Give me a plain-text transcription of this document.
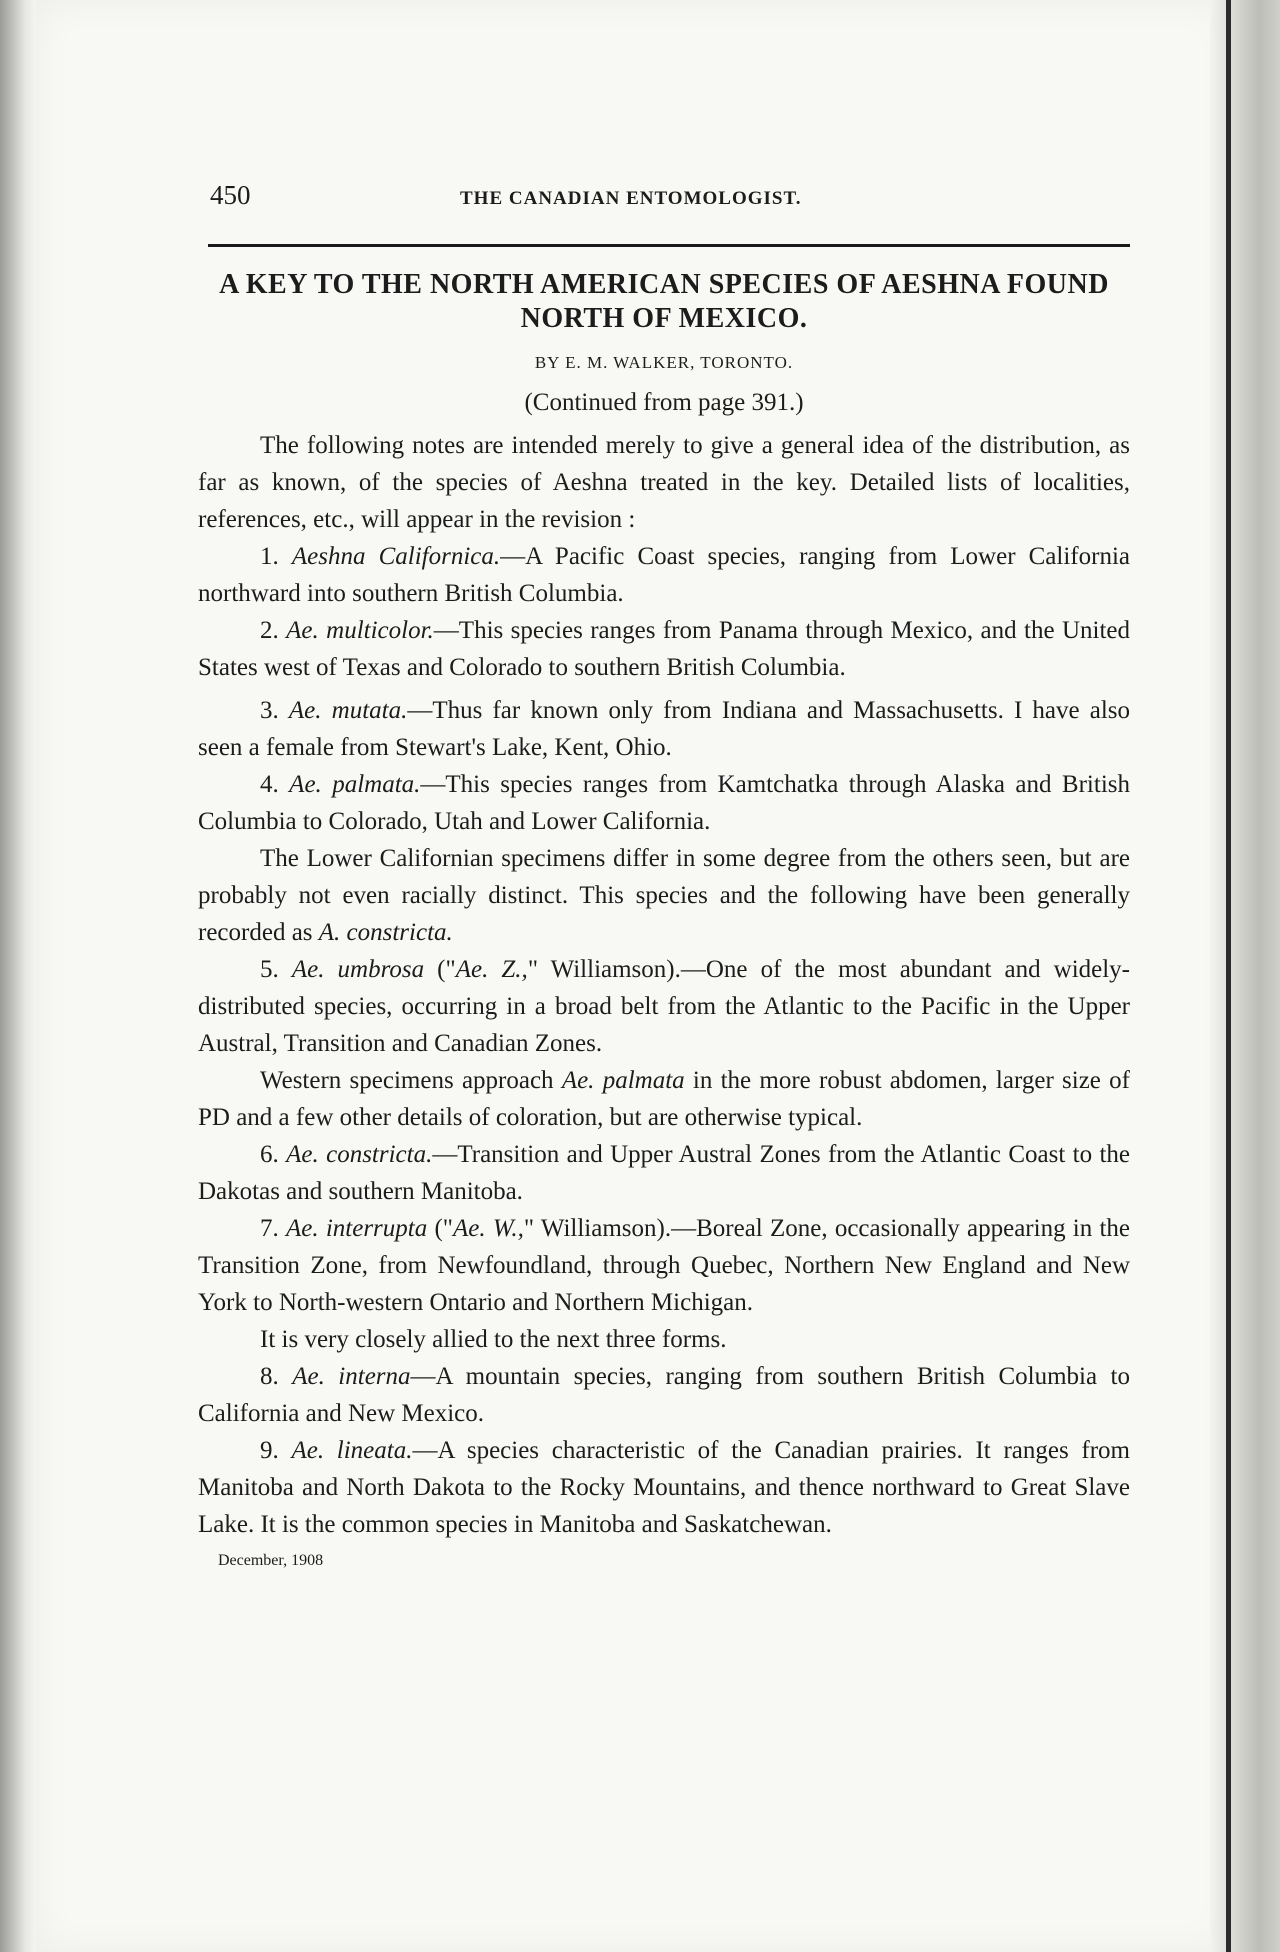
450	THE CANADIAN ENTOMOLOGIST.
A KEY TO THE NORTH AMERICAN SPECIES OF AESHNA FOUND NORTH OF MEXICO.
BY E. M. WALKER, TORONTO.
(Continued from page 391.)

The following notes are intended merely to give a general idea of the distribution, as far as known, of the species of Aeshna treated in the key. Detailed lists of localities, references, etc., will appear in the revision :

1. Aeshna Californica.—A Pacific Coast species, ranging from Lower California northward into southern British Columbia.

2. Ae. multicolor.—This species ranges from Panama through Mexico, and the United States west of Texas and Colorado to southern British Columbia.

3. Ae. mutata.—Thus far known only from Indiana and Massachusetts. I have also seen a female from Stewart's Lake, Kent, Ohio.

4. Ae. palmata.—This species ranges from Kamtchatka through Alaska and British Columbia to Colorado, Utah and Lower California.

The Lower Californian specimens differ in some degree from the others seen, but are probably not even racially distinct. This species and the following have been generally recorded as A. constricta.

5. Ae. umbrosa ("Ae. Z.," Williamson).—One of the most abundant and widely-distributed species, occurring in a broad belt from the Atlantic to the Pacific in the Upper Austral, Transition and Canadian Zones.

Western specimens approach Ae. palmata in the more robust abdomen, larger size of PD and a few other details of coloration, but are otherwise typical.

6. Ae. constricta.—Transition and Upper Austral Zones from the Atlantic Coast to the Dakotas and southern Manitoba.

7. Ae. interrupta ("Ae. W.," Williamson).—Boreal Zone, occasionally appearing in the Transition Zone, from Newfoundland, through Quebec, Northern New England and New York to North-western Ontario and Northern Michigan.

It is very closely allied to the next three forms.

8. Ae. interna—A mountain species, ranging from southern British Columbia to California and New Mexico.

9. Ae. lineata.—A species characteristic of the Canadian prairies. It ranges from Manitoba and North Dakota to the Rocky Mountains, and thence northward to Great Slave Lake. It is the common species in Manitoba and Saskatchewan.

December, 1908
